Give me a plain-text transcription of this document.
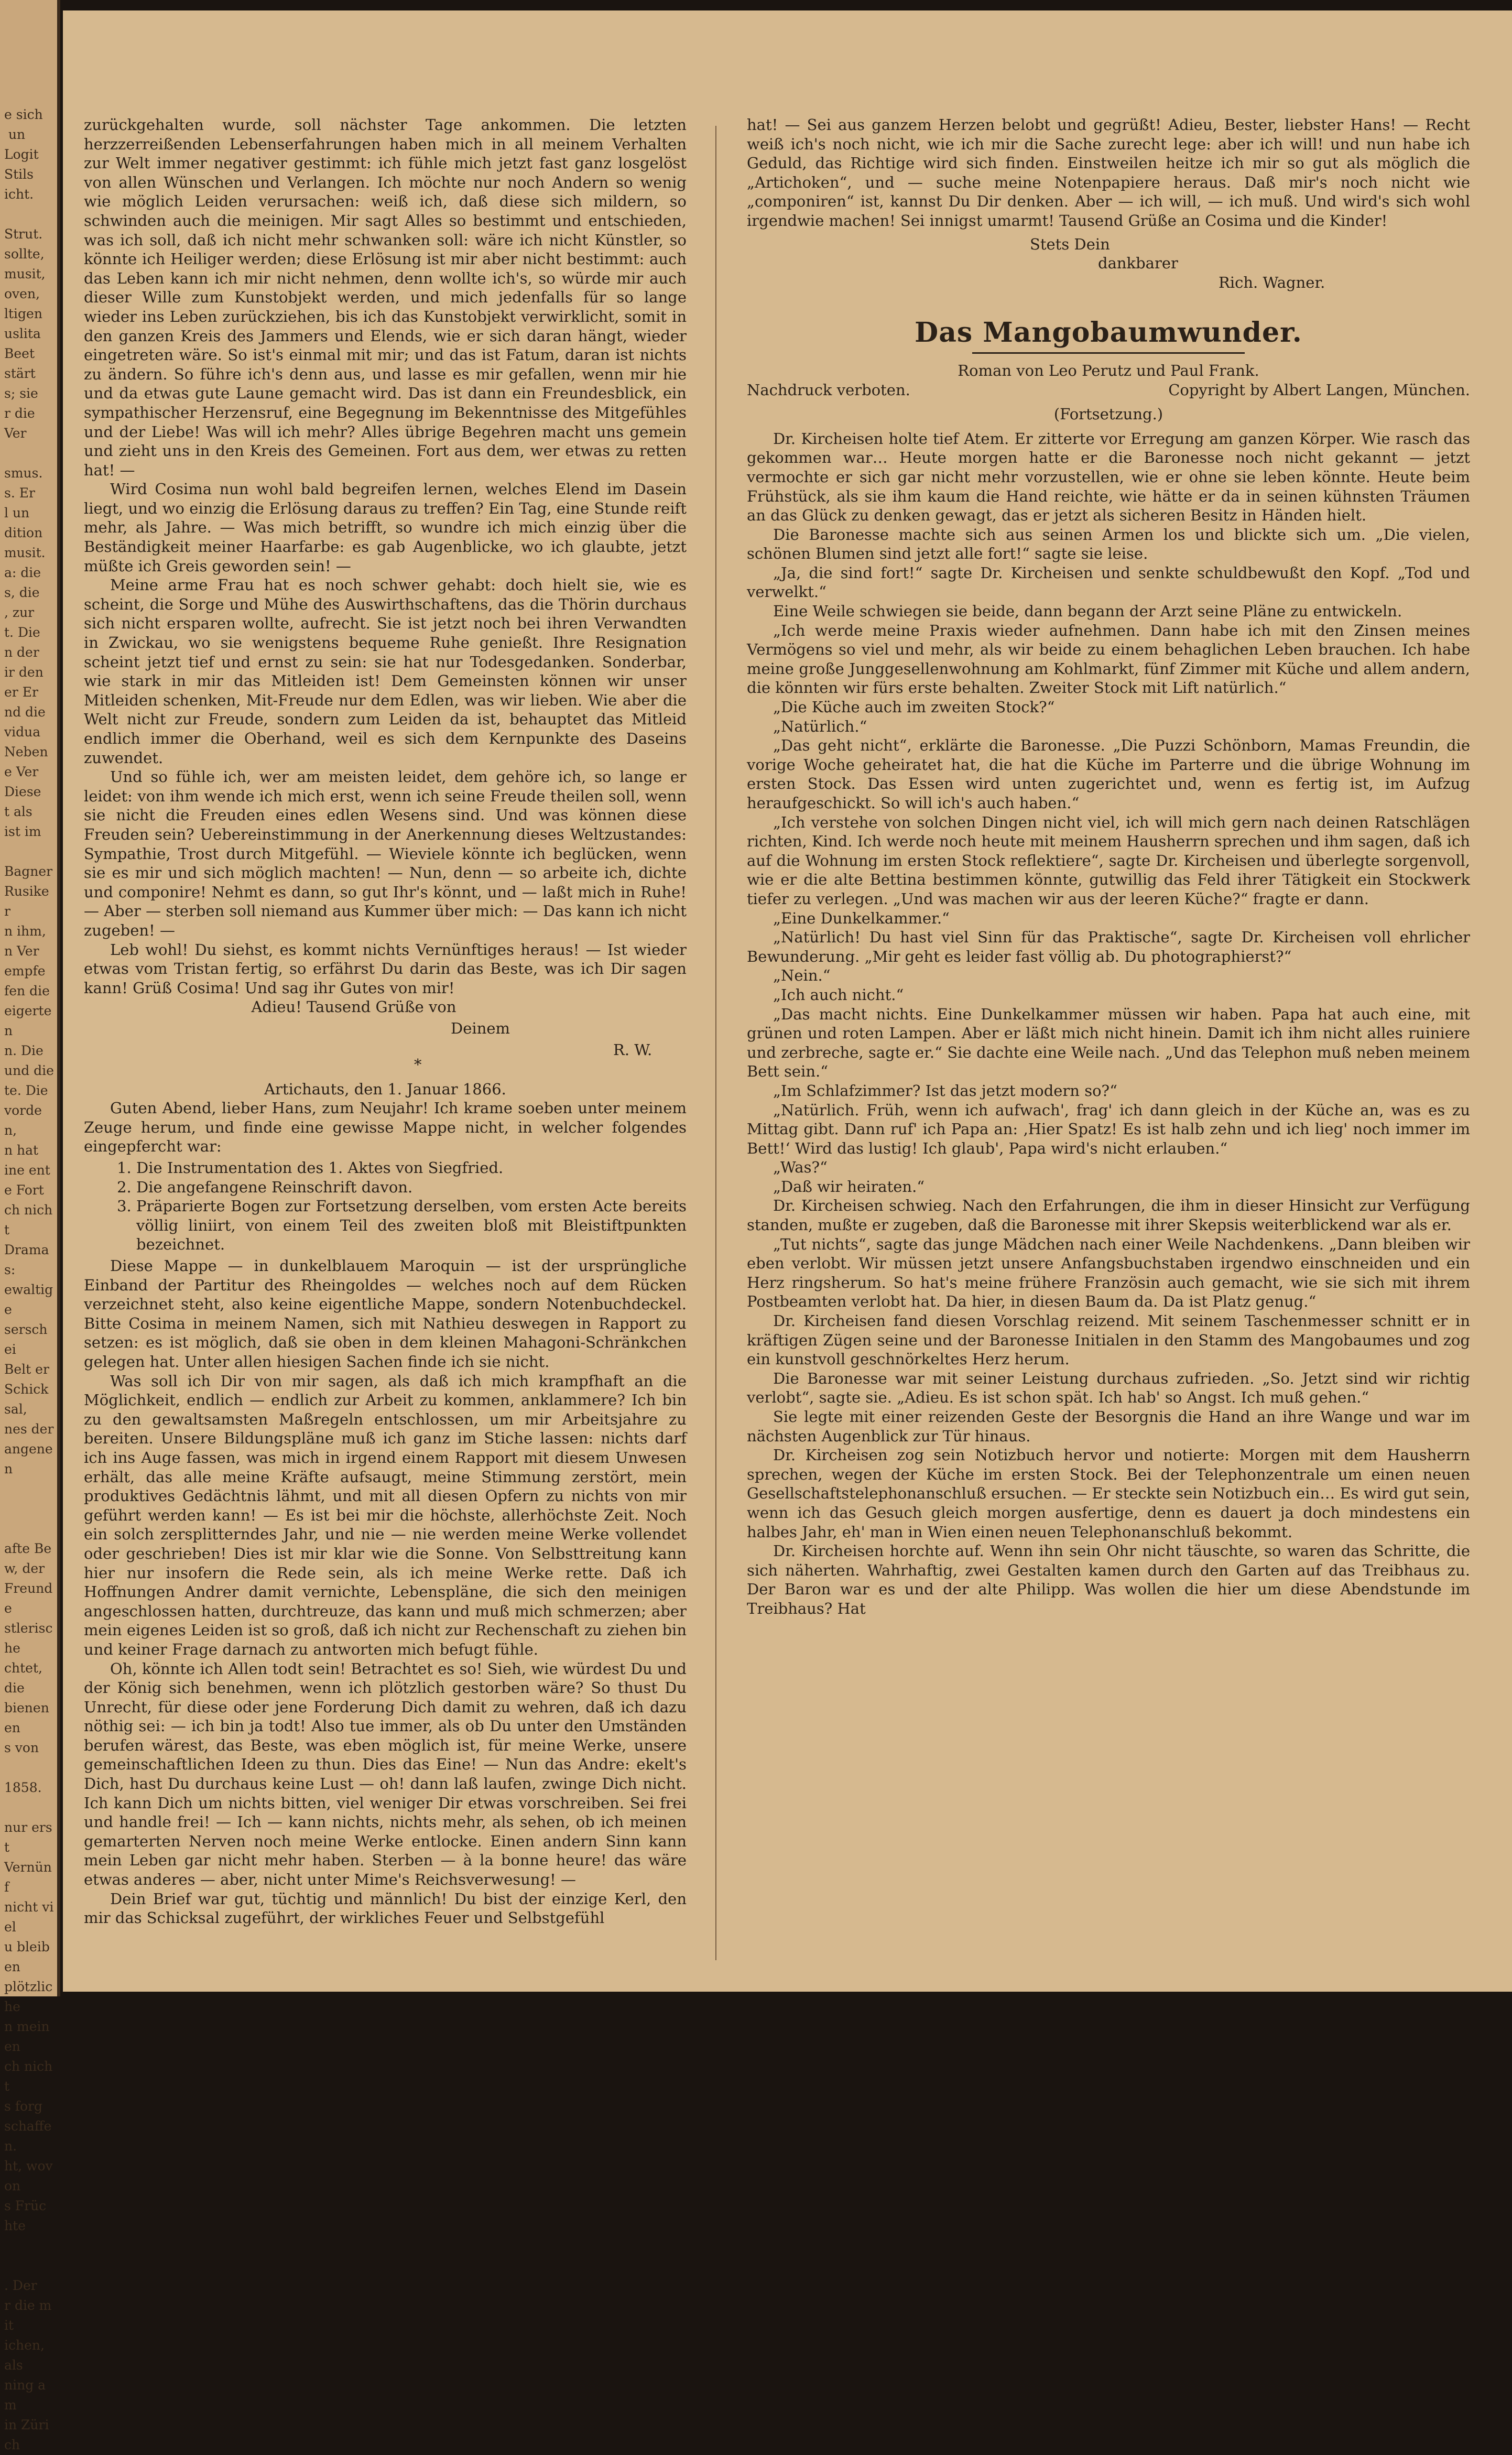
e sich
un
Logit
Stils
icht.

Strut.
sollte,
musit,
oven,
ltigen
uslita
Beet
stärt
s; sie
r die
Ver

smus.
s. Er
l un
dition
musit.
a: die
s, die
, zur
t. Die
n der
ir den
er Er
nd die
vidua
Neben
e Ver
Diese
t als
ist im

Bagner
Rusiker
n ihm,
n Ver
empfe
fen die
eigerten
n. Die
und die
te. Die
vorden,
n hat
ine ent
e Fort
ch nicht
Dramas:
ewaltige
serschei
Belt er
Schicksal,
nes der
angenen

afte Be
w, der
Freunde
stlerische
chtet, die
bienenen
s von

1858.

nur erst
Vernünf
nicht viel
u bleiben
plötzliche
n meinen
ch nicht
s forg
schaffen.
ht, wovon
s Früchte

. Der
r die mit
ichen, als
ning am
in Zürich

zurückgehalten wurde, soll nächster Tage ankommen. Die letzten herzzerreißenden Lebenserfahrungen haben mich in all meinem Verhalten zur Welt immer negativer gestimmt: ich fühle mich jetzt fast ganz losgelöst von allen Wünschen und Verlangen. Ich möchte nur noch Andern so wenig wie möglich Leiden verursachen: weiß ich, daß diese sich mildern, so schwinden auch die meinigen. Mir sagt Alles so bestimmt und entschieden, was ich soll, daß ich nicht mehr schwanken soll: wäre ich nicht Künstler, so könnte ich Heiliger werden; diese Erlösung ist mir aber nicht bestimmt: auch das Leben kann ich mir nicht nehmen, denn wollte ich's, so würde mir auch dieser Wille zum Kunstobjekt werden, und mich jedenfalls für so lange wieder ins Leben zurückziehen, bis ich das Kunstobjekt verwirklicht, somit in den ganzen Kreis des Jammers und Elends, wie er sich daran hängt, wieder eingetreten wäre. So ist's einmal mit mir; und das ist Fatum, daran ist nichts zu ändern. So führe ich's denn aus, und lasse es mir gefallen, wenn mir hie und da etwas gute Laune gemacht wird. Das ist dann ein Freundesblick, ein sympathischer Herzensruf, eine Begegnung im Bekenntnisse des Mitgefühles und der Liebe! Was will ich mehr? Alles übrige Begehren macht uns gemein und zieht uns in den Kreis des Gemeinen. Fort aus dem, wer etwas zu retten hat! —

Wird Cosima nun wohl bald begreifen lernen, welches Elend im Dasein liegt, und wo einzig die Erlösung daraus zu treffen? Ein Tag, eine Stunde reift mehr, als Jahre. — Was mich betrifft, so wundre ich mich einzig über die Beständigkeit meiner Haarfarbe: es gab Augenblicke, wo ich glaubte, jetzt müßte ich Greis geworden sein! —

Meine arme Frau hat es noch schwer gehabt: doch hielt sie, wie es scheint, die Sorge und Mühe des Auswirthschaftens, das die Thörin durchaus sich nicht ersparen wollte, aufrecht. Sie ist jetzt noch bei ihren Verwandten in Zwickau, wo sie wenigstens bequeme Ruhe genießt. Ihre Resignation scheint jetzt tief und ernst zu sein: sie hat nur Todesgedanken. Sonderbar, wie stark in mir das Mitleiden ist! Dem Gemeinsten können wir unser Mitleiden schenken, Mit-Freude nur dem Edlen, was wir lieben. Wie aber die Welt nicht zur Freude, sondern zum Leiden da ist, behauptet das Mitleid endlich immer die Oberhand, weil es sich dem Kernpunkte des Daseins zuwendet.

Und so fühle ich, wer am meisten leidet, dem gehöre ich, so lange er leidet: von ihm wende ich mich erst, wenn ich seine Freude theilen soll, wenn sie nicht die Freuden eines edlen Wesens sind. Und was können diese Freuden sein? Uebereinstimmung in der Anerkennung dieses Weltzustandes: Sympathie, Trost durch Mitgefühl. — Wieviele könnte ich beglücken, wenn sie es mir und sich möglich machten! — Nun, denn — so arbeite ich, dichte und componire! Nehmt es dann, so gut Ihr's könnt, und — laßt mich in Ruhe! — Aber — sterben soll niemand aus Kummer über mich: — Das kann ich nicht zugeben! —

Leb wohl! Du siehst, es kommt nichts Vernünftiges heraus! — Ist wieder etwas vom Tristan fertig, so erfährst Du darin das Beste, was ich Dir sagen kann! Grüß Cosima! Und sag ihr Gutes von mir!

Adieu! Tausend Grüße von

Deinem

R. W.

*

Artichauts, den 1. Januar 1866.

Guten Abend, lieber Hans, zum Neujahr! Ich krame soeben unter meinem Zeuge herum, und finde eine gewisse Mappe nicht, in welcher folgendes eingepfercht war:

1. Die Instrumentation des 1. Aktes von Siegfried.
2. Die angefangene Reinschrift davon.
3. Präparierte Bogen zur Fortsetzung derselben, vom ersten Acte bereits völlig liniirt, von einem Teil des zweiten bloß mit Bleistiftpunkten bezeichnet.

Diese Mappe — in dunkelblauem Maroquin — ist der ursprüngliche Einband der Partitur des Rheingoldes — welches noch auf dem Rücken verzeichnet steht, also keine eigentliche Mappe, sondern Notenbuchdeckel. Bitte Cosima in meinem Namen, sich mit Nathieu deswegen in Rapport zu setzen: es ist möglich, daß sie oben in dem kleinen Mahagoni-Schränkchen gelegen hat. Unter allen hiesigen Sachen finde ich sie nicht.

Was soll ich Dir von mir sagen, als daß ich mich krampfhaft an die Möglichkeit, endlich — endlich zur Arbeit zu kommen, anklammere? Ich bin zu den gewaltsamsten Maßregeln entschlossen, um mir Arbeitsjahre zu bereiten. Unsere Bildungspläne muß ich ganz im Stiche lassen: nichts darf ich ins Auge fassen, was mich in irgend einem Rapport mit diesem Unwesen erhält, das alle meine Kräfte aufsaugt, meine Stimmung zerstört, mein produktives Gedächtnis lähmt, und mit all diesen Opfern zu nichts von mir geführt werden kann! — Es ist bei mir die höchste, allerhöchste Zeit. Noch ein solch zersplitterndes Jahr, und nie — nie werden meine Werke vollendet oder geschrieben! Dies ist mir klar wie die Sonne. Von Selbsttreitung kann hier nur insofern die Rede sein, als ich meine Werke rette. Daß ich Hoffnungen Andrer damit vernichte, Lebenspläne, die sich den meinigen angeschlossen hatten, durchtreuze, das kann und muß mich schmerzen; aber mein eigenes Leiden ist so groß, daß ich nicht zur Rechenschaft zu ziehen bin und keiner Frage darnach zu antworten mich befugt fühle.

Oh, könnte ich Allen todt sein! Betrachtet es so! Sieh, wie würdest Du und der König sich benehmen, wenn ich plötzlich gestorben wäre? So thust Du Unrecht, für diese oder jene Forderung Dich damit zu wehren, daß ich dazu nöthig sei: — ich bin ja todt! Also tue immer, als ob Du unter den Umständen berufen wärest, das Beste, was eben möglich ist, für meine Werke, unsere gemeinschaftlichen Ideen zu thun. Dies das Eine! — Nun das Andre: ekelt's Dich, hast Du durchaus keine Lust — oh! dann laß laufen, zwinge Dich nicht. Ich kann Dich um nichts bitten, viel weniger Dir etwas vorschreiben. Sei frei und handle frei! — Ich — kann nichts, nichts mehr, als sehen, ob ich meinen gemarterten Nerven noch meine Werke entlocke. Einen andern Sinn kann mein Leben gar nicht mehr haben. Sterben — à la bonne heure! das wäre etwas anderes — aber, nicht unter Mime's Reichsverwesung! —

Dein Brief war gut, tüchtig und männlich! Du bist der einzige Kerl, den mir das Schicksal zugeführt, der wirkliches Feuer und Selbstgefühl

hat! — Sei aus ganzem Herzen belobt und gegrüßt! Adieu, Bester, liebster Hans! — Recht weiß ich's noch nicht, wie ich mir die Sache zurecht lege: aber ich will! und nun habe ich Geduld, das Richtige wird sich finden. Einstweilen heitze ich mir so gut als möglich die „Artichoken“, und — suche meine Notenpapiere heraus. Daß mir's noch nicht wie „componiren“ ist, kannst Du Dir denken. Aber — ich will, — ich muß. Und wird's sich wohl irgendwie machen! Sei innigst umarmt! Tausend Grüße an Cosima und die Kinder!

Stets Dein

dankbarer

Rich. Wagner.

Das Mangobaumwunder.

Roman von Leo Perutz und Paul Frank.

Nachdruck verboten.	Copyright by Albert Langen, München.

(Fortsetzung.)

Dr. Kircheisen holte tief Atem. Er zitterte vor Erregung am ganzen Körper. Wie rasch das gekommen war… Heute morgen hatte er die Baronesse noch nicht gekannt — jetzt vermochte er sich gar nicht mehr vorzustellen, wie er ohne sie leben könnte. Heute beim Frühstück, als sie ihm kaum die Hand reichte, wie hätte er da in seinen kühnsten Träumen an das Glück zu denken gewagt, das er jetzt als sicheren Besitz in Händen hielt.

Die Baronesse machte sich aus seinen Armen los und blickte sich um. „Die vielen, schönen Blumen sind jetzt alle fort!“ sagte sie leise.

„Ja, die sind fort!“ sagte Dr. Kircheisen und senkte schuldbewußt den Kopf. „Tod und verwelkt.“

Eine Weile schwiegen sie beide, dann begann der Arzt seine Pläne zu entwickeln.

„Ich werde meine Praxis wieder aufnehmen. Dann habe ich mit den Zinsen meines Vermögens so viel und mehr, als wir beide zu einem behaglichen Leben brauchen. Ich habe meine große Junggesellenwohnung am Kohlmarkt, fünf Zimmer mit Küche und allem andern, die könnten wir fürs erste behalten. Zweiter Stock mit Lift natürlich.“

„Die Küche auch im zweiten Stock?“

„Natürlich.“

„Das geht nicht“, erklärte die Baronesse. „Die Puzzi Schönborn, Mamas Freundin, die vorige Woche geheiratet hat, die hat die Küche im Parterre und die übrige Wohnung im ersten Stock. Das Essen wird unten zugerichtet und, wenn es fertig ist, im Aufzug heraufgeschickt. So will ich's auch haben.“

„Ich verstehe von solchen Dingen nicht viel, ich will mich gern nach deinen Ratschlägen richten, Kind. Ich werde noch heute mit meinem Hausherrn sprechen und ihm sagen, daß ich auf die Wohnung im ersten Stock reflektiere“, sagte Dr. Kircheisen und überlegte sorgenvoll, wie er die alte Bettina bestimmen könnte, gutwillig das Feld ihrer Tätigkeit ein Stockwerk tiefer zu verlegen. „Und was machen wir aus der leeren Küche?“ fragte er dann.

„Eine Dunkelkammer.“

„Natürlich! Du hast viel Sinn für das Praktische“, sagte Dr. Kircheisen voll ehrlicher Bewunderung. „Mir geht es leider fast völlig ab. Du photographierst?“

„Nein.“

„Ich auch nicht.“

„Das macht nichts. Eine Dunkelkammer müssen wir haben. Papa hat auch eine, mit grünen und roten Lampen. Aber er läßt mich nicht hinein. Damit ich ihm nicht alles ruiniere und zerbreche, sagte er.“ Sie dachte eine Weile nach. „Und das Telephon muß neben meinem Bett sein.“

„Im Schlafzimmer? Ist das jetzt modern so?“

„Natürlich. Früh, wenn ich aufwach', frag' ich dann gleich in der Küche an, was es zu Mittag gibt. Dann ruf' ich Papa an: ‚Hier Spatz! Es ist halb zehn und ich lieg' noch immer im Bett!‘ Wird das lustig! Ich glaub', Papa wird's nicht erlauben.“

„Was?“

„Daß wir heiraten.“

Dr. Kircheisen schwieg. Nach den Erfahrungen, die ihm in dieser Hinsicht zur Verfügung standen, mußte er zugeben, daß die Baronesse mit ihrer Skepsis weiterblickend war als er.

„Tut nichts“, sagte das junge Mädchen nach einer Weile Nachdenkens. „Dann bleiben wir eben verlobt. Wir müssen jetzt unsere Anfangsbuchstaben irgendwo einschneiden und ein Herz ringsherum. So hat's meine frühere Französin auch gemacht, wie sie sich mit ihrem Postbeamten verlobt hat. Da hier, in diesen Baum da. Da ist Platz genug.“

Dr. Kircheisen fand diesen Vorschlag reizend. Mit seinem Taschenmesser schnitt er in kräftigen Zügen seine und der Baronesse Initialen in den Stamm des Mangobaumes und zog ein kunstvoll geschnörkeltes Herz herum.

Die Baronesse war mit seiner Leistung durchaus zufrieden. „So. Jetzt sind wir richtig verlobt“, sagte sie. „Adieu. Es ist schon spät. Ich hab' so Angst. Ich muß gehen.“

Sie legte mit einer reizenden Geste der Besorgnis die Hand an ihre Wange und war im nächsten Augenblick zur Tür hinaus.

Dr. Kircheisen zog sein Notizbuch hervor und notierte: Morgen mit dem Hausherrn sprechen, wegen der Küche im ersten Stock. Bei der Telephonzentrale um einen neuen Gesellschaftstelephonanschluß ersuchen. — Er steckte sein Notizbuch ein… Es wird gut sein, wenn ich das Gesuch gleich morgen ausfertige, denn es dauert ja doch mindestens ein halbes Jahr, eh' man in Wien einen neuen Telephonanschluß bekommt.

Dr. Kircheisen horchte auf. Wenn ihn sein Ohr nicht täuschte, so waren das Schritte, die sich näherten. Wahrhaftig, zwei Gestalten kamen durch den Garten auf das Treibhaus zu. Der Baron war es und der alte Philipp. Was wollen die hier um diese Abendstunde im Treibhaus? Hat
